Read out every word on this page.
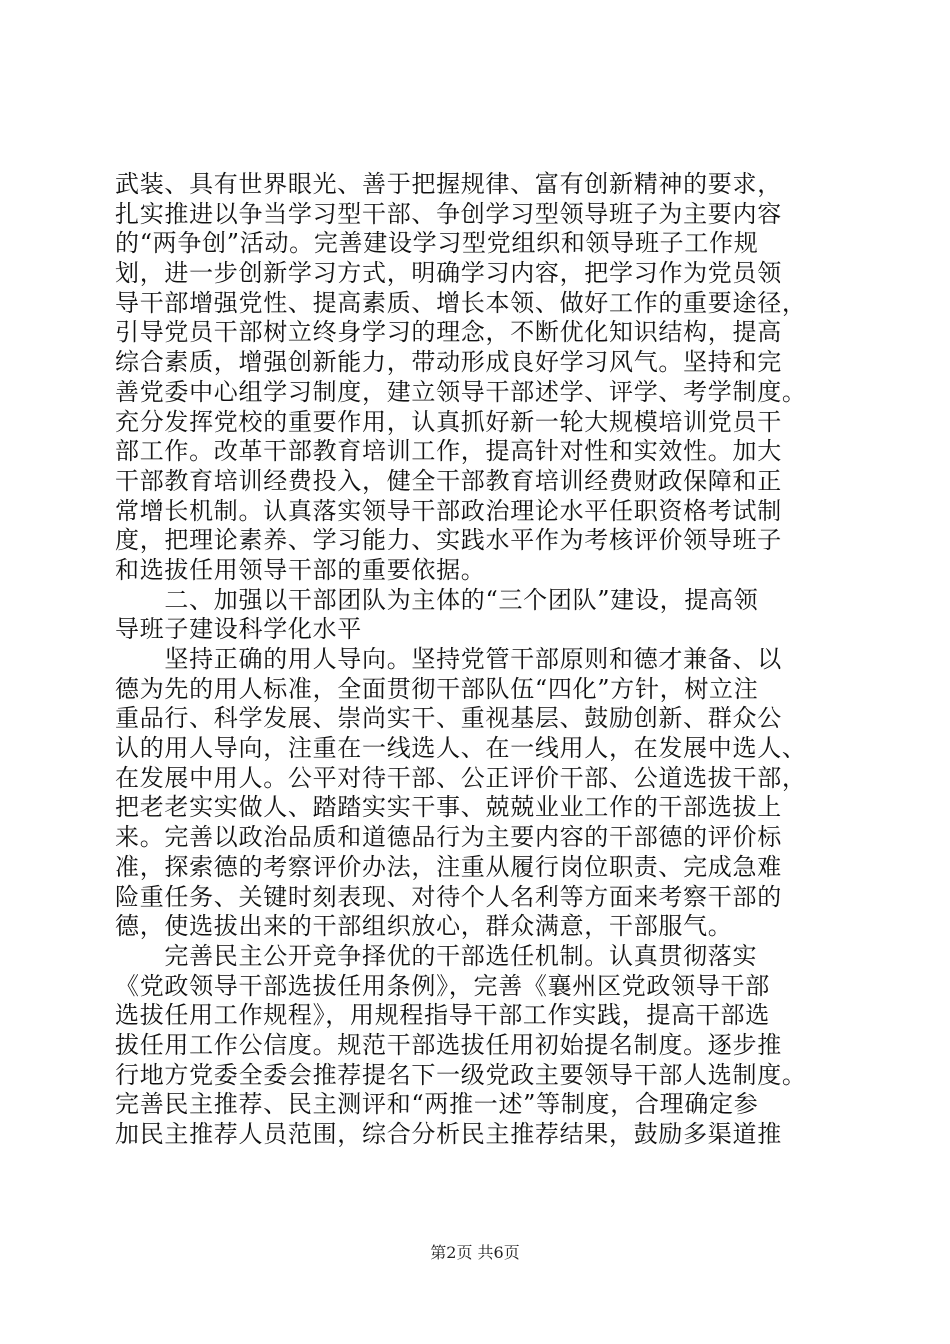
武装、具有世界眼光、善于把握规律、富有创新精神的要求，
扎实推进以争当学习型干部、争创学习型领导班子为主要内容
的“两争创”活动。完善建设学习型党组织和领导班子工作规
划，进一步创新学习方式，明确学习内容，把学习作为党员领
导干部增强党性、提高素质、增长本领、做好工作的重要途径，
引导党员干部树立终身学习的理念，不断优化知识结构，提高
综合素质，增强创新能力，带动形成良好学习风气。坚持和完
善党委中心组学习制度，建立领导干部述学、评学、考学制度。
充分发挥党校的重要作用，认真抓好新一轮大规模培训党员干
部工作。改革干部教育培训工作，提高针对性和实效性。加大
干部教育培训经费投入，健全干部教育培训经费财政保障和正
常增长机制。认真落实领导干部政治理论水平任职资格考试制
度，把理论素养、学习能力、实践水平作为考核评价领导班子
和选拔任用领导干部的重要依据。
　　二、加强以干部团队为主体的“三个团队”建设，提高领
导班子建设科学化水平
　　坚持正确的用人导向。坚持党管干部原则和德才兼备、以
德为先的用人标准，全面贯彻干部队伍“四化”方针，树立注
重品行、科学发展、崇尚实干、重视基层、鼓励创新、群众公
认的用人导向，注重在一线选人、在一线用人，在发展中选人、
在发展中用人。公平对待干部、公正评价干部、公道选拔干部，
把老老实实做人、踏踏实实干事、兢兢业业工作的干部选拔上
来。完善以政治品质和道德品行为主要内容的干部德的评价标
准，探索德的考察评价办法，注重从履行岗位职责、完成急难
险重任务、关键时刻表现、对待个人名利等方面来考察干部的
德，使选拔出来的干部组织放心，群众满意，干部服气。
　　完善民主公开竞争择优的干部选任机制。认真贯彻落实
《党政领导干部选拔任用条例》，完善《襄州区党政领导干部
选拔任用工作规程》，用规程指导干部工作实践，提高干部选
拔任用工作公信度。规范干部选拔任用初始提名制度。逐步推
行地方党委全委会推荐提名下一级党政主要领导干部人选制度。
完善民主推荐、民主测评和“两推一述”等制度，合理确定参
加民主推荐人员范围，综合分析民主推荐结果，鼓励多渠道推
第2页 共6页
